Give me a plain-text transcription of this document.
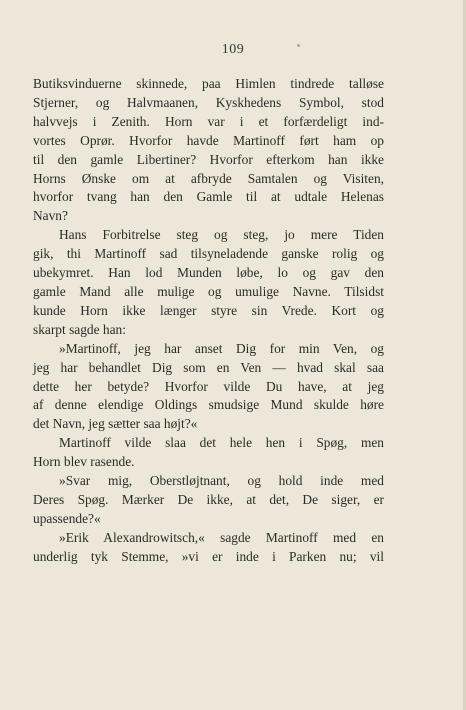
109
Butiksvinduerne skinnede, paa Himlen tindrede talløse
Stjerner, og Halvmaanen, Kyskhedens Symbol, stod
halvvejs i Zenith. Horn var i et forfærdeligt ind-
vortes Oprør. Hvorfor havde Martinoff ført ham op
til den gamle Libertiner? Hvorfor efterkom han ikke
Horns Ønske om at afbryde Samtalen og Visiten,
hvorfor tvang han den Gamle til at udtale Helenas
Navn?
Hans Forbitrelse steg og steg, jo mere Tiden
gik, thi Martinoff sad tilsyneladende ganske rolig og
ubekymret. Han lod Munden løbe, lo og gav den
gamle Mand alle mulige og umulige Navne. Tilsidst
kunde Horn ikke længer styre sin Vrede. Kort og
skarpt sagde han:
»Martinoff, jeg har anset Dig for min Ven, og
jeg har behandlet Dig som en Ven — hvad skal saa
dette her betyde? Hvorfor vilde Du have, at jeg
af denne elendige Oldings smudsige Mund skulde høre
det Navn, jeg sætter saa højt?«
Martinoff vilde slaa det hele hen i Spøg, men
Horn blev rasende.
»Svar mig, Oberstløjtnant, og hold inde med
Deres Spøg. Mærker De ikke, at det, De siger, er
upassende?«
»Erik Alexandrowitsch,« sagde Martinoff med en
underlig tyk Stemme, »vi er inde i Parken nu; vil
